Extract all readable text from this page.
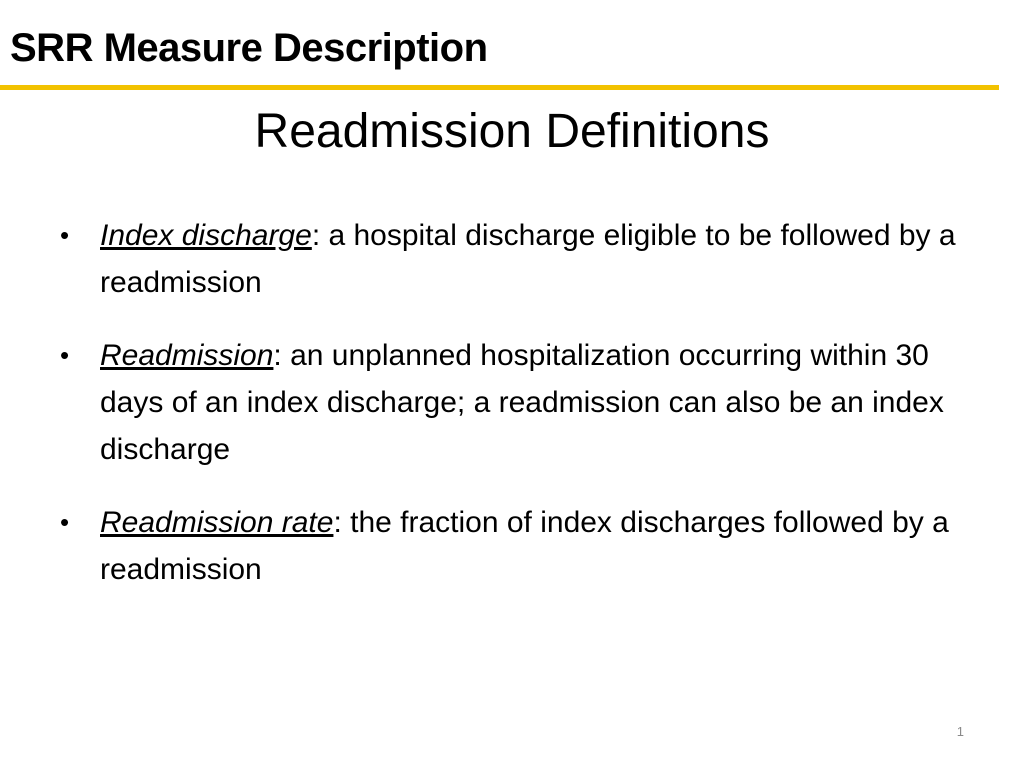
SRR Measure Description
Readmission Definitions
•	Index discharge: a hospital discharge eligible to be followed by a readmission
•	Readmission: an unplanned hospitalization occurring within 30 days of an index discharge; a readmission can also be an index discharge
•	Readmission rate: the fraction of index discharges followed by a readmission
1
